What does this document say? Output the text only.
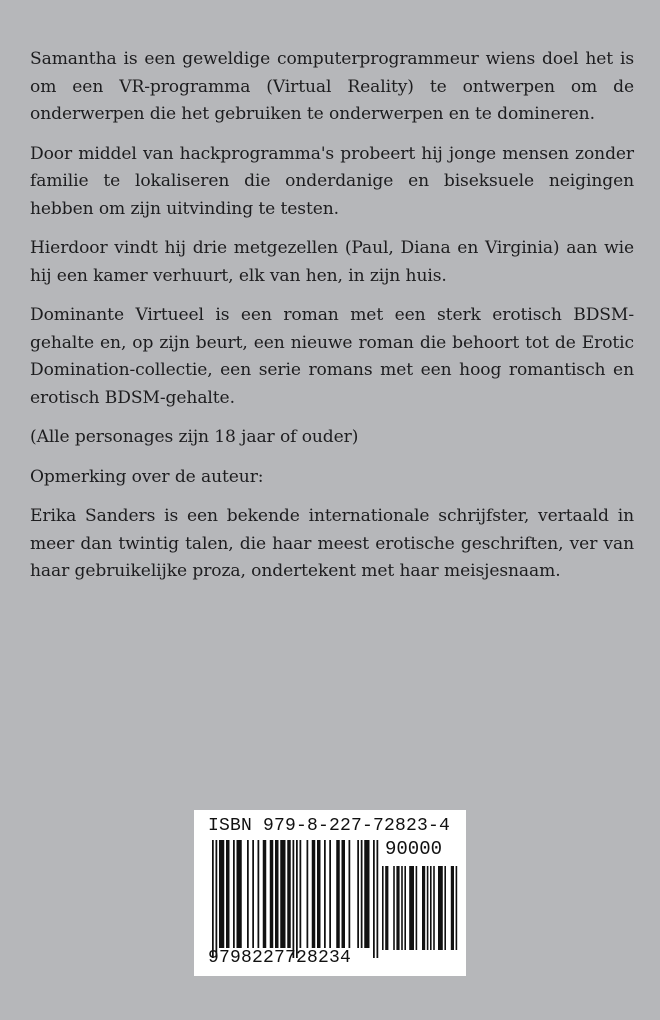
Samantha is een geweldige computerprogrammeur wiens doel het is om een VR-programma (Virtual Reality) te ontwerpen om de onderwerpen die het gebruiken te onderwerpen en te domineren.

Door middel van hackprogramma's probeert hij jonge mensen zonder familie te lokaliseren die onderdanige en biseksuele neigingen hebben om zijn uitvinding te testen.

Hierdoor vindt hij drie metgezellen (Paul, Diana en Virginia) aan wie hij een kamer verhuurt, elk van hen, in zijn huis.

Dominante Virtueel is een roman met een sterk erotisch BDSM-gehalte en, op zijn beurt, een nieuwe roman die behoort tot de Erotic Domination-collectie, een serie romans met een hoog romantisch en erotisch BDSM-gehalte.

(Alle personages zijn 18 jaar of ouder)

Opmerking over de auteur:

Erika Sanders is een bekende internationale schrijfster, vertaald in meer dan twintig talen, die haar meest erotische geschriften, ver van haar gebruikelijke proza, ondertekent met haar meisjesnaam.

ISBN 979-8-227-72823-4
90000
9798227728234
